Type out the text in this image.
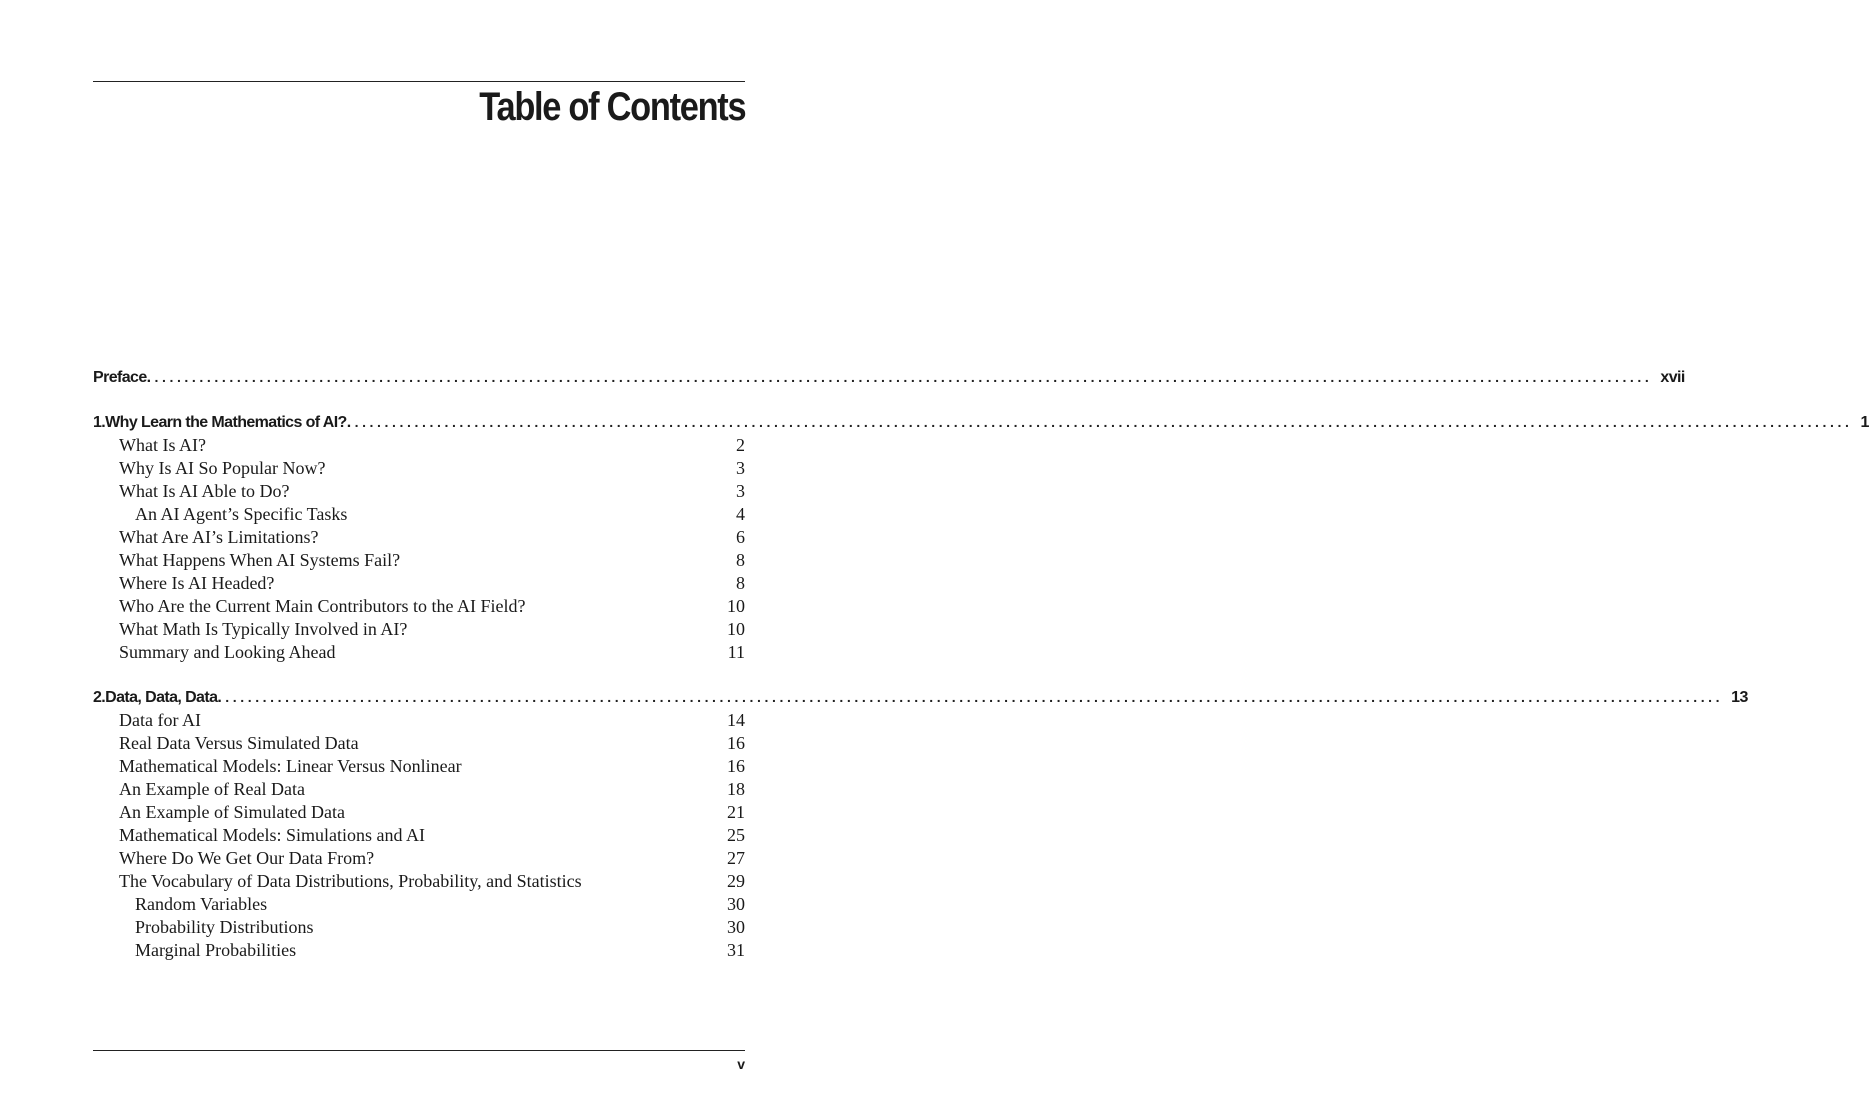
Table of Contents
Preface. ........................................................................................................................................................................................................ xvii
1. Why Learn the Mathematics of AI?. ........................................................................................................................................................................................................ 1
What Is AI?	2
Why Is AI So Popular Now?	3
What Is AI Able to Do?	3
An AI Agent’s Specific Tasks	4
What Are AI’s Limitations?	6
What Happens When AI Systems Fail?	8
Where Is AI Headed?	8
Who Are the Current Main Contributors to the AI Field?	10
What Math Is Typically Involved in AI?	10
Summary and Looking Ahead	11
2. Data, Data, Data. ........................................................................................................................................................................................................ 13
Data for AI	14
Real Data Versus Simulated Data	16
Mathematical Models: Linear Versus Nonlinear	16
An Example of Real Data	18
An Example of Simulated Data	21
Mathematical Models: Simulations and AI	25
Where Do We Get Our Data From?	27
The Vocabulary of Data Distributions, Probability, and Statistics	29
Random Variables	30
Probability Distributions	30
Marginal Probabilities	31
v
